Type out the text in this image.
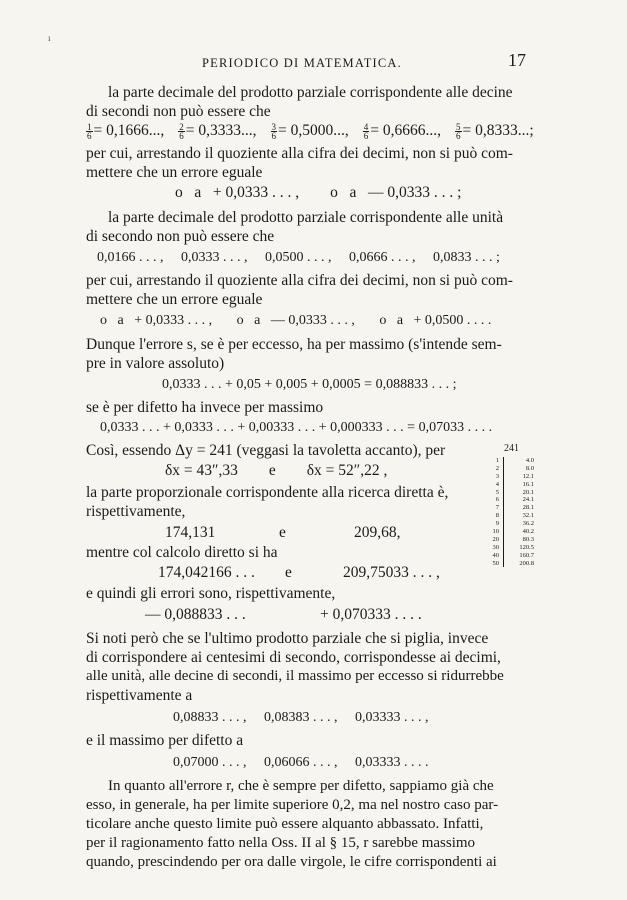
PERIODICO DI MATEMATICA.	17
ı
la parte decimale del prodotto parziale corrispondente alle decine
di secondi non può essere che
$\frac{1}{6} = 0,1666$..., $\frac{2}{6} = 0,3333$..., $\frac{3}{6} = 0,5000$..., $\frac{4}{6} = 0,6666$..., $\frac{5}{6} = 0,8333$...;
per cui, arrestando il quoziente alla cifra dei decimi, non si può com-
mettere che un errore eguale
o   a   + 0,0333 . . . ,        o   a   — 0,0333 . . . ;
la parte decimale del prodotto parziale corrispondente alle unità
di secondo non può essere che
0,0166 . . . ,     0,0333 . . . ,     0,0500 . . . ,     0,0666 . . . ,     0,0833 . . . ;
per cui, arrestando il quoziente alla cifra dei decimi, non si può com-
mettere che un errore eguale
o   a   + 0,0333 . . . ,       o   a   — 0,0333 . . . ,       o   a   + 0,0500 . . . .
Dunque l'errore s, se è per eccesso, ha per massimo (s'intende sem-
pre in valore assoluto)
0,0333 . . . + 0,05 + 0,005 + 0,0005 = 0,088833 . . . ;
se è per difetto ha invece per massimo
0,0333 . . . + 0,0333 . . . + 0,00333 . . . + 0,000333 . . . = 0,07033 . . . .
Così, essendo Δy = 241 (veggasi la tavoletta accanto), per
δx = 43″,33        e        δx = 52″,22 ,
la parte proporzionale corrispondente alla ricerca diretta è,
rispettivamente,
174,131	e	209,68,
mentre col calcolo diretto si ha
174,042166 . . . e	209,75033 . . . ,
e quindi gli errori sono, rispettivamente,
— 0,088833 . . .	+ 0,070333 . . . .
Si noti però che se l'ultimo prodotto parziale che si piglia, invece
di corrispondere ai centesimi di secondo, corrispondesse ai decimi,
alle unità, alle decine di secondi, il massimo per eccesso si ridurrebbe
rispettivamente a
0,08833 . . . ,     0,08383 . . . ,     0,03333 . . . ,
e il massimo per difetto a
0,07000 . . . ,     0,06066 . . . ,     0,03333 . . . .
In quanto all'errore r, che è sempre per difetto, sappiamo già che
esso, in generale, ha per limite superiore 0,2, ma nel nostro caso par-
ticolare anche questo limite può essere alquanto abbassato. Infatti,
per il ragionamento fatto nella Oss. II al § 15, r sarebbe massimo
quando, prescindendo per ora dalle virgole, le cifre corrispondenti ai
241
1	4.0
2	8.0
3	12.1
4	16.1
5	20.1
6	24.1
7	28.1
8	32.1
9	36.2
10	40.2
20	80.3
30	120.5
40	160.7
50	200.8
